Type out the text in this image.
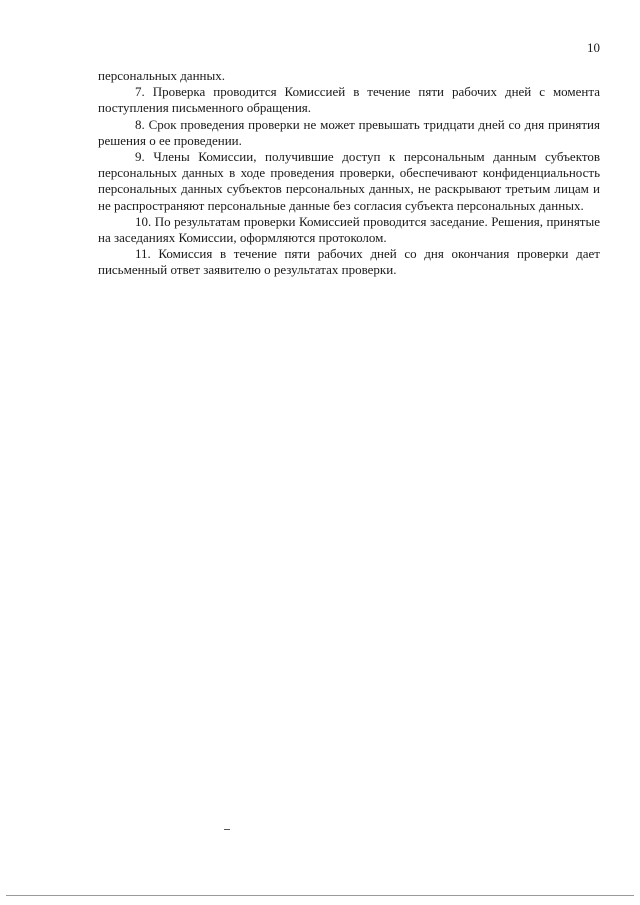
10

персональных данных.

7. Проверка проводится Комиссией в течение пяти рабочих дней с момента поступления письменного обращения.

8. Срок проведения проверки не может превышать тридцати дней со дня принятия решения о ее проведении.

9. Члены Комиссии, получившие доступ к персональным данным субъектов персональных данных в ходе проведения проверки, обеспечивают конфиденциальность персональных данных субъектов персональных данных, не раскрывают третьим лицам и не распространяют персональные данные без согласия субъекта персональных данных.

10. По результатам проверки Комиссией проводится заседание. Решения, принятые на заседаниях Комиссии, оформляются протоколом.

11. Комиссия в течение пяти рабочих дней со дня окончания проверки дает письменный ответ заявителю о результатах проверки.
